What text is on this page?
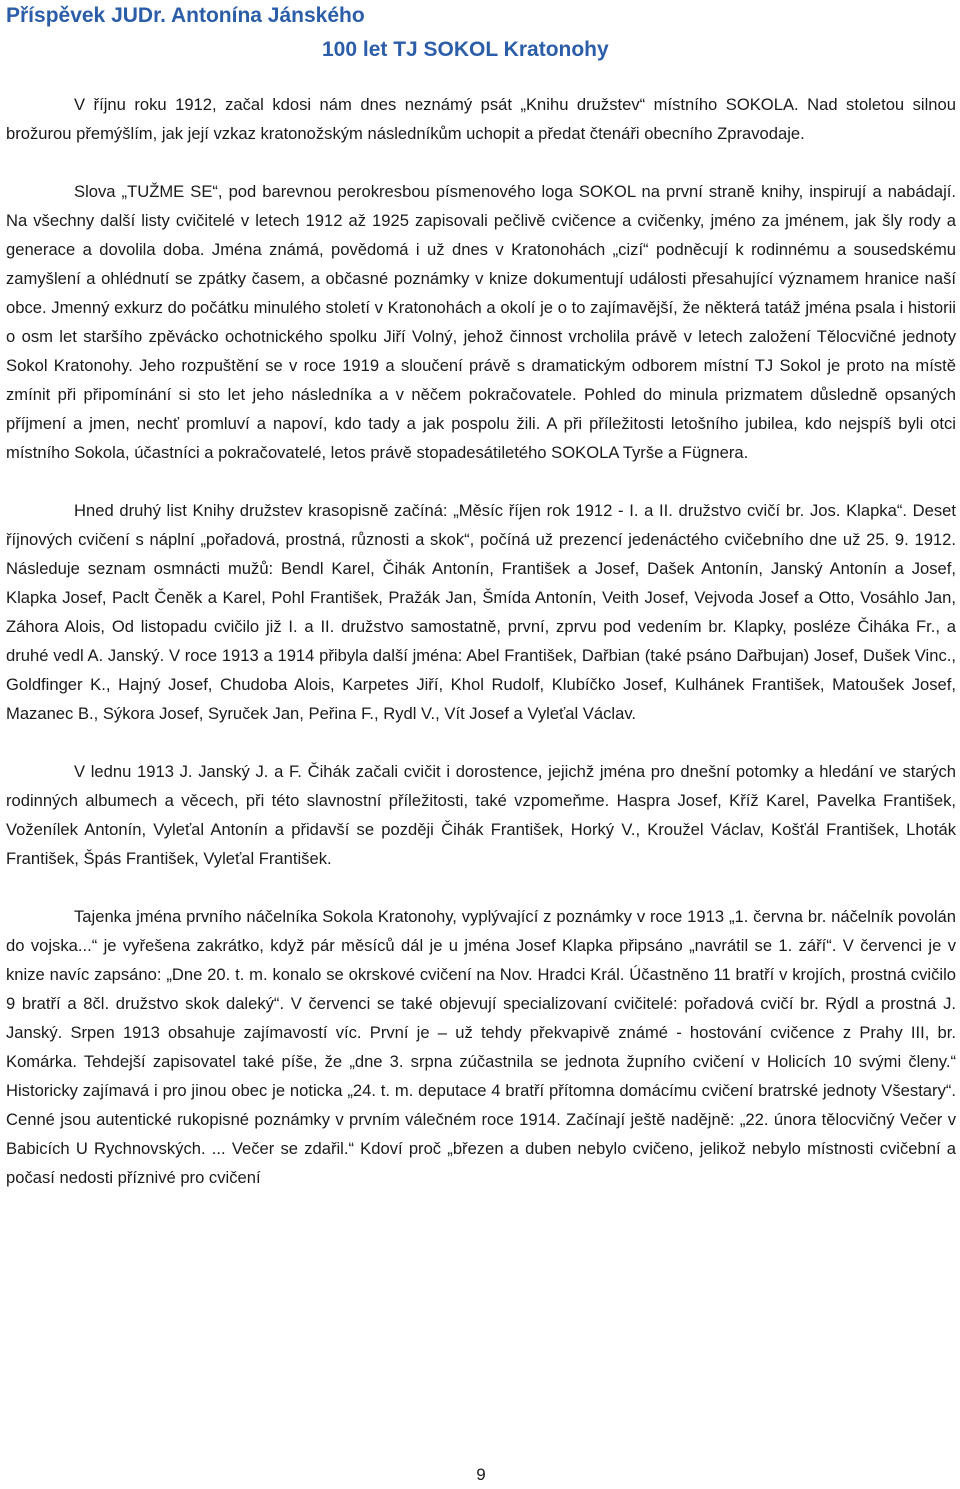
Příspěvek JUDr. Antonína Jánského
100 let TJ SOKOL Kratonohy

V říjnu roku 1912, začal kdosi nám dnes neznámý psát „Knihu družstev“ místního SOKOLA. Nad stoletou silnou brožurou přemýšlím, jak její vzkaz kratonožským následníkům uchopit a předat čtenáři obecního Zpravodaje.

Slova „TUŽME SE“, pod barevnou perokresbou písmenového loga SOKOL na první straně knihy, inspirují a nabádají. Na všechny další listy cvičitelé v letech 1912 až 1925 zapisovali pečlivě cvičence a cvičenky, jméno za jménem, jak šly rody a generace a dovolila doba. Jména známá, povědomá i už dnes v Kratonohách „cizí“ podněcují k rodinnému a sousedskému zamyšlení a ohlédnutí se zpátky časem, a občasné poznámky v knize dokumentují události přesahující významem hranice naší obce. Jmenný exkurz do počátku minulého století v Kratonohách a okolí je o to zajímavější, že některá tatáž jména psala i historii o osm let staršího zpěvácko ochotnického spolku Jiří Volný, jehož činnost vrcholila právě v letech založení Tělocvičné jednoty Sokol Kratonohy. Jeho rozpuštění se v roce 1919 a sloučení právě s dramatickým odborem místní TJ Sokol je proto na místě zmínit při připomínání si sto let jeho následníka a v něčem pokračovatele. Pohled do minula prizmatem důsledně opsaných příjmení a jmen, nechť promluví a napoví, kdo tady a jak pospolu žili. A při příležitosti letošního jubilea, kdo nejspíš byli otci místního Sokola, účastníci a pokračovatelé, letos právě stopadesátiletého SOKOLA Tyrše a Fügnera.

Hned druhý list Knihy družstev krasopisně začíná: „Měsíc říjen rok 1912 - I. a II. družstvo cvičí br. Jos. Klapka“. Deset říjnových cvičení s náplní „pořadová, prostná, různosti a skok“, počíná už prezencí jedenáctého cvičebního dne už 25. 9. 1912. Následuje seznam osmnácti mužů: Bendl Karel, Čihák Antonín, František a Josef, Dašek Antonín, Janský Antonín a Josef, Klapka Josef, Paclt Čeněk a Karel, Pohl František, Pražák Jan, Šmída Antonín, Veith Josef, Vejvoda Josef a Otto, Vosáhlo Jan, Záhora Alois, Od listopadu cvičilo již I. a II. družstvo samostatně, první, zprvu pod vedením br. Klapky, posléze Čiháka Fr., a druhé vedl A. Janský. V roce 1913 a 1914 přibyla další jména: Abel František, Dařbian (také psáno Dařbujan) Josef, Dušek Vinc., Goldfinger K., Hajný Josef, Chudoba Alois, Karpetes Jiří, Khol Rudolf, Klubíčko Josef, Kulhánek František, Matoušek Josef, Mazanec B., Sýkora Josef, Syruček Jan, Peřina F., Rydl V., Vít Josef a Vyleťal Václav.

V lednu 1913 J. Janský J. a F. Čihák začali cvičit i dorostence, jejichž jména pro dnešní potomky a hledání ve starých rodinných albumech a věcech, při této slavnostní příležitosti, také vzpomeňme. Haspra Josef, Kříž Karel, Pavelka František, Voženílek Antonín, Vyleťal Antonín a přidavší se později Čihák František, Horký V., Kroužel Václav, Košťál František, Lhoták František, Špás František, Vyleťal František.

Tajenka jména prvního náčelníka Sokola Kratonohy, vyplývající z poznámky v roce 1913 „1. června br. náčelník povolán do vojska...“ je vyřešena zakrátko, když pár měsíců dál je u jména Josef Klapka připsáno „navrátil se 1. září“. V červenci je v knize navíc zapsáno: „Dne 20. t. m. konalo se okrskové cvičení na Nov. Hradci Král. Účastněno 11 bratří v krojích, prostná cvičilo 9 bratří a 8čl. družstvo skok daleký“. V červenci se také objevují specializovaní cvičitelé: pořadová cvičí br. Rýdl a prostná J. Janský. Srpen 1913 obsahuje zajímavostí víc. První je – už tehdy překvapivě známé - hostování cvičence z Prahy III, br. Komárka. Tehdejší zapisovatel také píše, že „dne 3. srpna zúčastnila se jednota župního cvičení v Holicích 10 svými členy.“ Historicky zajímavá i pro jinou obec je noticka „24. t. m. deputace 4 bratří přítomna domácímu cvičení bratrské jednoty Všestary“. Cenné jsou autentické rukopisné poznámky v prvním válečném roce 1914. Začínají ještě nadějně: „22. února tělocvičný Večer v Babicích U Rychnovských. ... Večer se zdařil.“ Kdoví proč „březen a duben nebylo cvičeno, jelikož nebylo místnosti cvičební a počasí nedosti příznivé pro cvičení

9
